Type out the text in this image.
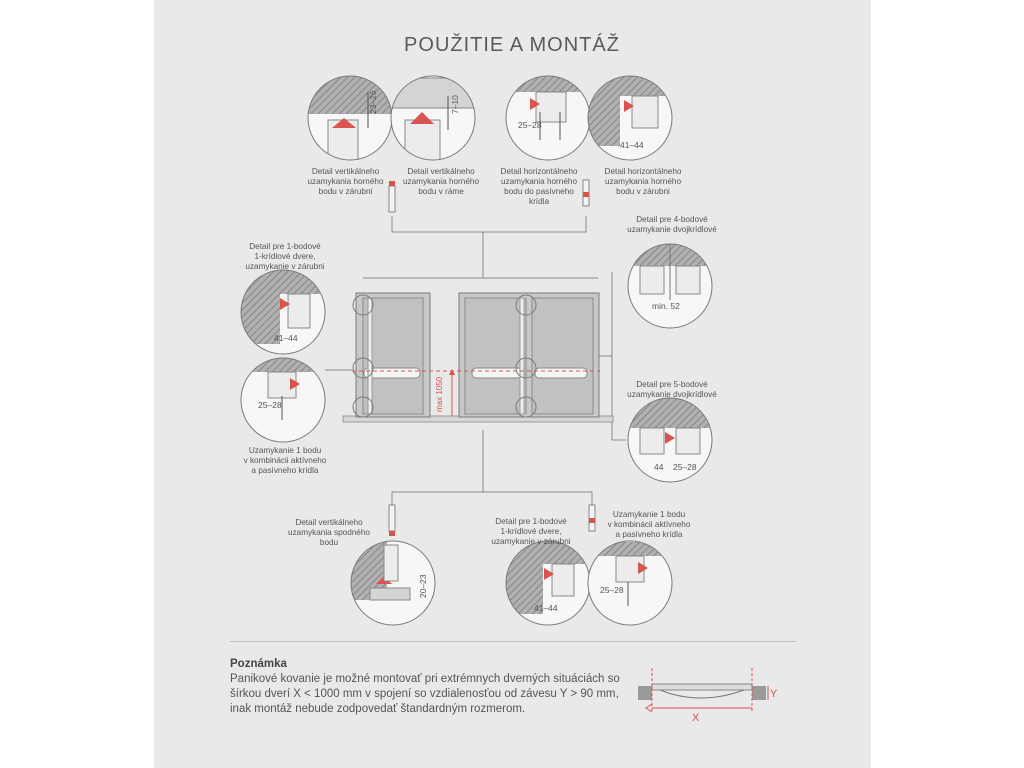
POUŽITIE A MONTÁŽ
max 1050
23–26	7–10
25–28
41–44
41–44
25–28
min. 52
44 25–28
20–23
41–44
25–28
X
Y
Detail vertikálneho
uzamykania horného
bodu v zárubni
Detail vertikálneho
uzamykania horného
bodu v ráme
Detail horizontálneho
uzamykania horného
bodu do pasívneho
krídla
Detail horizontálneho
uzamykania horného
bodu v zárubni
Detail pre 1-bodové
1-krídlové dvere,
uzamykanie v zárubni
Uzamykanie 1 bodu
v kombinácii aktívneho
a pasívneho krídla
Detail pre 4-bodové
uzamykanie dvojkrídlové
Detail pre 5-bodové
uzamykanie dvojkrídlové
Detail vertikálneho
uzamykania spodného
bodu
Detail pre 1-bodové
1-krídlové dvere,
uzamykanie v zárubni
Uzamykanie 1 bodu
v kombinácii aktívneho
a pasívneho krídla
Poznámka
Panikové kovanie je možné montovať pri extrémnych dverných situáciách so
šírkou dverí X < 1000 mm v spojení so vzdialenosťou od závesu Y > 90 mm,
inak montáž nebude zodpovedať štandardným rozmerom.
